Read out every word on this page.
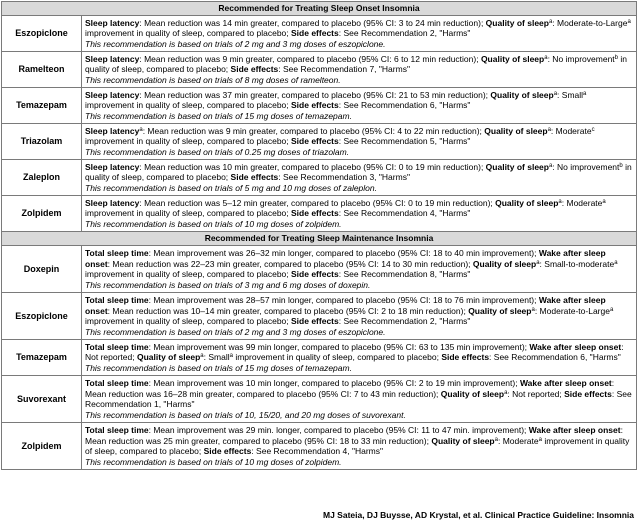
Recommended for Treating Sleep Onset Insomnia	
Eszopiclone	Sleep latency: Mean reduction was 14 min greater, compared to placebo (95% CI: 3 to 24 min reduction); Quality of sleep$^a$: Moderate-to-Large$^a$ improvement in quality of sleep, compared to placebo; Side effects: See Recommendation 2, "Harms"
This recommendation is based on trials of 2 mg and 3 mg doses of eszopiclone.
Ramelteon	Sleep latency: Mean reduction was 9 min greater, compared to placebo (95% CI: 6 to 12 min reduction); Quality of sleep$^a$: No improvement$^b$ in quality of sleep, compared to placebo; Side effects: See Recommendation 7, "Harms"
This recommendation is based on trials of 8 mg doses of ramelteon.
Temazepam	Sleep latency: Mean reduction was 37 min greater, compared to placebo (95% CI: 21 to 53 min reduction); Quality of sleep$^a$: Small$^a$ improvement in quality of sleep, compared to placebo; Side effects: See Recommendation 6, "Harms"
This recommendation is based on trials of 15 mg doses of temazepam.
Triazolam	Sleep latency$^a$: Mean reduction was 9 min greater, compared to placebo (95% CI: 4 to 22 min reduction); Quality of sleep$^a$: Moderate$^c$ improvement in quality of sleep, compared to placebo; Side effects: See Recommendation 5, "Harms"
This recommendation is based on trials of 0.25 mg doses of triazolam.
Zaleplon	Sleep latency: Mean reduction was 10 min greater, compared to placebo (95% CI: 0 to 19 min reduction); Quality of sleep$^a$: No improvement$^b$ in quality of sleep, compared to placebo; Side effects: See Recommendation 3, "Harms"
This recommendation is based on trials of 5 mg and 10 mg doses of zaleplon.
Zolpidem	Sleep latency: Mean reduction was 5–12 min greater, compared to placebo (95% CI: 0 to 19 min reduction); Quality of sleep$^a$: Moderate$^a$ improvement in quality of sleep, compared to placebo; Side effects: See Recommendation 4, "Harms"
This recommendation is based on trials of 10 mg doses of zolpidem.
Recommended for Treating Sleep Maintenance Insomnia	
Doxepin	Total sleep time: Mean improvement was 26–32 min longer, compared to placebo (95% CI: 18 to 40 min improvement); Wake after sleep onset: Mean reduction was 22–23 min greater, compared to placebo (95% CI: 14 to 30 min reduction); Quality of sleep$^a$: Small-to-moderate$^a$ improvement in quality of sleep, compared to placebo; Side effects: See Recommendation 8, "Harms"
This recommendation is based on trials of 3 mg and 6 mg doses of doxepin.
Eszopiclone	Total sleep time: Mean improvement was 28–57 min longer, compared to placebo (95% CI: 18 to 76 min improvement); Wake after sleep onset: Mean reduction was 10–14 min greater, compared to placebo (95% CI: 2 to 18 min reduction); Quality of sleep$^a$: Moderate-to-Large$^a$ improvement in quality of sleep, compared to placebo; Side effects: See Recommendation 2, "Harms"
This recommendation is based on trials of 2 mg and 3 mg doses of eszopiclone.
Temazepam	Total sleep time: Mean improvement was 99 min longer, compared to placebo (95% CI: 63 to 135 min improvement); Wake after sleep onset: Not reported; Quality of sleep$^a$: Small$^a$ improvement in quality of sleep, compared to placebo; Side effects: See Recommendation 6, "Harms"
This recommendation is based on trials of 15 mg doses of temazepam.
Suvorexant	Total sleep time: Mean improvement was 10 min longer, compared to placebo (95% CI: 2 to 19 min improvement); Wake after sleep onset: Mean reduction was 16–28 min greater, compared to placebo (95% CI: 7 to 43 min reduction); Quality of sleep$^a$: Not reported; Side effects: See Recommendation 1, "Harms"
This recommendation is based on trials of 10, 15/20, and 20 mg doses of suvorexant.
Zolpidem	Total sleep time: Mean improvement was 29 min. longer, compared to placebo (95% CI: 11 to 47 min. improvement); Wake after sleep onset: Mean reduction was 25 min greater, compared to placebo (95% CI: 18 to 33 min reduction); Quality of sleep$^a$: Moderate$^a$ improvement in quality of sleep, compared to placebo; Side effects: See Recommendation 4, "Harms"
This recommendation is based on trials of 10 mg doses of zolpidem.
MJ Sateia, DJ Buysse, AD Krystal, et al. Clinical Practice Guideline: Insomnia
